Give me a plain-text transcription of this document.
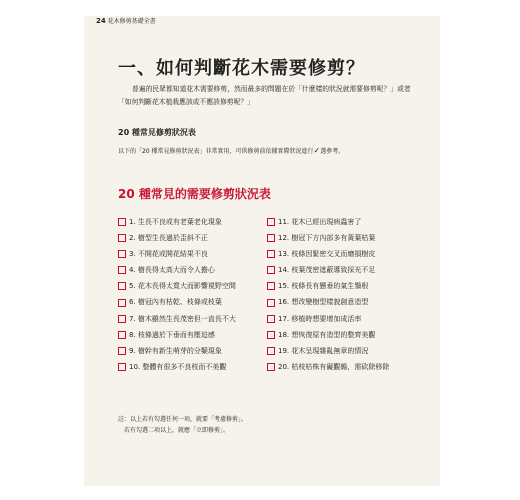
24 花木修剪基礎全書
一、如何判斷花木需要修剪？
普遍的民眾都知道花木需要修剪，然而最多的問題在於「什麼樣的狀況就需要修剪呢？」或者「如何判斷花木植栽應該或不應該修剪呢？」
20 種常見修剪狀況表
以下的「20 種常見修剪狀況表」非常實用，可供修剪前依據實際狀況進行✓選參考。
20 種常見的需要修剪狀況表
1. 生長不良或有老葉老化現象
2. 樹型生長過於歪斜不正
3. 不開花或開花結果不良
4. 樹長得太高大而令人擔心
5. 花木長得太寬大而影響視野空間
6. 樹冠內有枯乾、枝條或枝葉
7. 樹木雖然生長茂密但一直長不大
8. 枝條過於下垂而有壓迫感
9. 樹幹有新生萌芽的分櫱現象
10. 整體有很多不良枝而不美觀
11. 花木已經出現病蟲害了
12. 樹冠下方內部多有黃葉枯葉
13. 枝條因緊密交叉而磨損樹皮
14. 枝葉茂密遮蔽導致採光不足
15. 枝條長有懸垂的氣生鬚根
16. 想改變樹型樣貌創意造型
17. 移植時想要增加成活率
18. 想恢復原有造型的整齊美觀
19. 花木呈現雜亂無章的情況
20. 枯枝枯株有礙觀瞻，需砍除移除
註：以上若有勾選任何一項，就要「考慮修剪」。
若有勾選二項以上，就應「立即修剪」。
